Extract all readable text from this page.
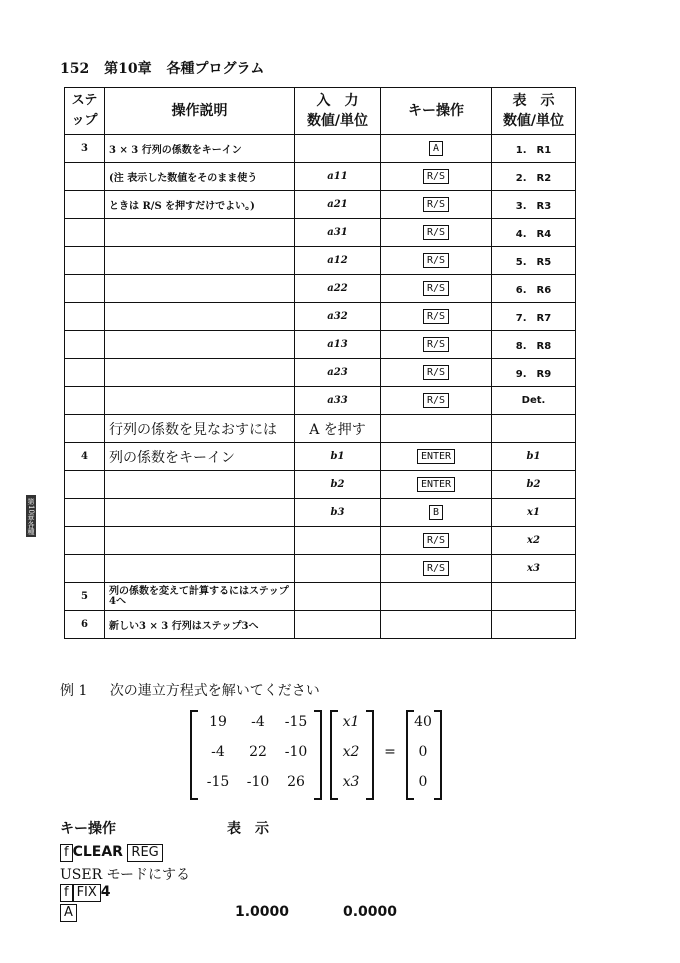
152 第10章 各種プログラム
第10章各種
ステ
ップ	操作説明	入　力
数値/単位	キー操作	表　示
数値/単位
3	3 × 3 行列の係数をキーイン		A	1.　R1
	(注 表示した数値をそのまま使う	a11	R/S	2.　R2
	ときは R/S を押すだけでよい。)	a21	R/S	3.　R3
		a31	R/S	4.　R4
		a12	R/S	5.　R5
		a22	R/S	6.　R6
		a32	R/S	7.　R7
		a13	R/S	8.　R8
		a23	R/S	9.　R9
		a33	R/S	Det.
	行列の係数を見なおすには	A を押す		
4	列の係数をキーイン	b1	ENTER	b1
		b2	ENTER	b2
		b3	B	x1
			R/S	x2
			R/S	x3
5	列の係数を変えて計算するにはステップ4へ			
6	新しい3 × 3 行列はステップ3へ			
例 1 次の連立方程式を解いてください
19	-4	-15
-4	22	-10
-15	-10	26
x1
x2
x3
=
40
0
0
キー操作	表　示
f CLEAR REG
USER モードにする
f FIX 4
A	1.0000	0.0000
